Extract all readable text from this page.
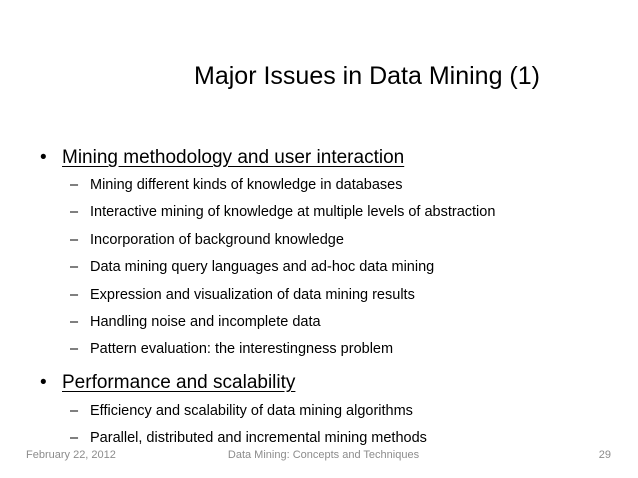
Major Issues in Data Mining (1)
• Mining methodology and user interaction
– Mining different kinds of knowledge in databases
– Interactive mining of knowledge at multiple levels of abstraction
– Incorporation of background knowledge
– Data mining query languages and ad-hoc data mining
– Expression and visualization of data mining results
– Handling noise and incomplete data
– Pattern evaluation: the interestingness problem
• Performance and scalability
– Efficiency and scalability of data mining algorithms
– Parallel, distributed and incremental mining methods
February 22, 2012	Data Mining: Concepts and Techniques	29
